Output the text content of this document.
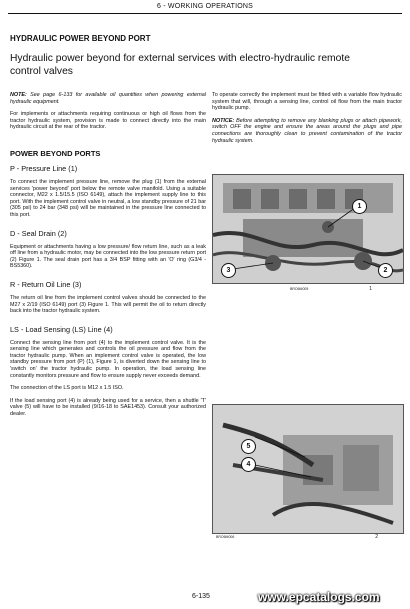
6 - WORKING OPERATIONS
HYDRAULIC POWER BEYOND PORT
Hydraulic power beyond for external services with electro-hydraulic remote control valves

NOTE: See page 6-133 for available oil quantities when powering external hydraulic equipment.

For implements or attachments requiring continuous or high oil flows from the tractor hydraulic system, provision is made to connect directly into the main hydraulic circuit at the rear of the tractor.

POWER BEYOND PORTS
P - Pressure Line (1)

To connect the implement pressure line, remove the plug (1) from the external services 'power beyond' port below the remote valve manifold. Using a suitable connector, M22 x 1.5/15.5 (ISO 6149), attach the implement supply line to this port. With the implement control valve in neutral, a low standby pressure of 21 bar (305 psi) to 24 bar (348 psi) will be maintained in the pressure line connected to this port.

D - Seal Drain (2)

Equipment or attachments having a low pressure/ flow return line, such as a leak off line from a hydraulic motor, may be connected into the low pressure return port (2) Figure 1. The seal drain port has a 3/4 BSP fitting with an 'O' ring (G3/4 -BS5360).

R - Return Oil Line (3)

The return oil line from the implement control valves should be connected to the M27 x 2/19 (ISO 6149) port (3) Figure 1. This will permit the oil to return directly back into the tractor hydraulic system.

LS - Load Sensing (LS) Line (4)

Connect the sensing line from port (4) to the implement control valve. It is the sensing line which generates and controls the oil pressure and flow from the tractor hydraulic pump. When an implement control valve is operated, the low standby pressure from port (P) (1), Figure 1, is diverted down the sensing line to 'switch on' the tractor hydraulic pump. In operation, the load sensing line constantly monitors pressure and flow to ensure supply never exceeds demand.

The connection of the LS port is M12 x 1.5 ISO.

If the load sensing port (4) is already being used for a service, then a shuttle 'T' valve (5) will have to be installed (9/16-18 to SAE1453). Consult your authorized dealer.

To operate correctly the implement must be fitted with a variable flow hydraulic system that will, through a sensing line, control oil flow from the main tractor hydraulic pump.

NOTICE: Before attempting to remove any blanking plugs or attach pipework, switch OFF the engine and ensure the areas around the plugs and pipe connections are thoroughly clean to prevent contamination of the tractor hydraulic system.

1
2
3
BRO6M005	1
5
4
BRO6M006	2
6-135	www.epcatalogs.com
